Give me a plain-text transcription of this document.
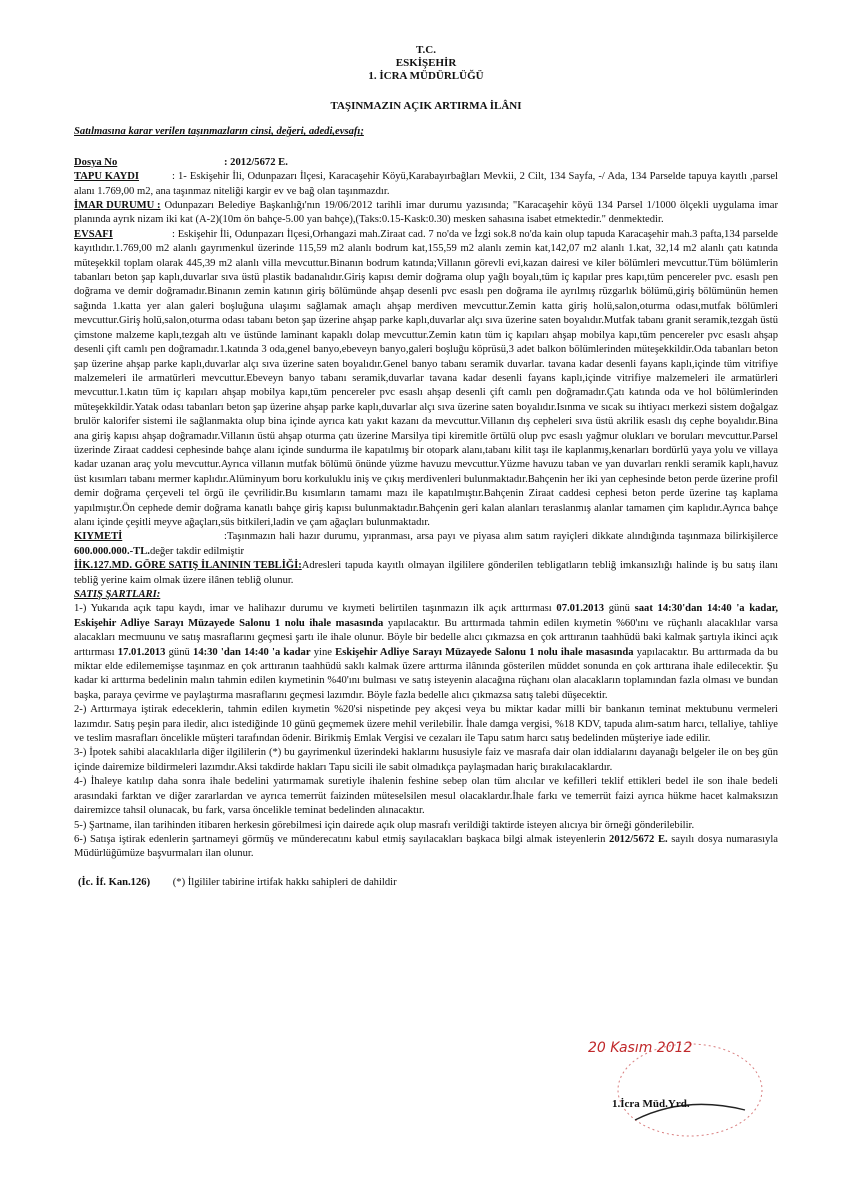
T.C.
ESKİŞEHİR
1. İCRA MÜDÜRLÜĞÜ
TAŞINMAZIN AÇIK ARTIRMA İLÂNI
Satılmasına karar verilen taşınmazların cinsi, değeri, adedi,evsafı;

Dosya No	: 2012/5672 E.

TAPU KAYDI	: 1- Eskişehir İli, Odunpazarı İlçesi, Karacaşehir Köyü,Karabayırbağları Mevkii, 2 Cilt, 134 Sayfa, -/ Ada, 134 Parselde tapuya kayıtlı ,parsel alanı 1.769,00 m2, ana taşınmaz niteliği kargir ev ve bağ olan taşınmazdır.

İMAR DURUMU : Odunpazarı Belediye Başkanlığı'nın 19/06/2012 tarihli imar durumu yazısında; "Karacaşehir köyü 134 Parsel 1/1000 ölçekli uygulama imar planında ayrık nizam iki kat (A-2)(10m ön bahçe-5.00 yan bahçe),(Taks:0.15-Kask:0.30) mesken sahasına isabet etmektedir." denmektedir.

EVSAFI	: Eskişehir İli, Odunpazarı İlçesi,Orhangazi mah.Ziraat cad. 7 no'da ve İzgi sok.8 no'da kain olup tapuda Karacaşehir mah.3 pafta,134 parselde kayıtlıdır.1.769,00 m2 alanlı gayrımenkul üzerinde 115,59 m2 alanlı bodrum kat,155,59 m2 alanlı zemin kat,142,07 m2 alanlı 1.kat, 32,14 m2 alanlı çatı katında müteşekkil toplam olarak 445,39 m2 alanlı villa mevcuttur.Binanın bodrum katında;Villanın görevli evi,kazan dairesi ve kiler bölümleri mevcuttur.Tüm bölümlerin tabanları beton şap kaplı,duvarlar sıva üstü plastik badanalıdır.Giriş kapısı demir doğrama olup yağlı boyalı,tüm iç kapılar pres kapı,tüm pencereler pvc. esaslı pen doğrama ve demir doğramadır.Binanın zemin katının giriş bölümünde ahşap desenli pvc esaslı pen doğrama ile ayrılmış rüzgarlık bölümü,giriş bölümünün hemen sağında 1.katta yer alan galeri boşluğuna ulaşımı sağlamak amaçlı ahşap merdiven mevcuttur.Zemin katta giriş holü,salon,oturma odası,mutfak bölümleri mevcuttur.Giriş holü,salon,oturma odası tabanı beton şap üzerine ahşap parke kaplı,duvarlar alçı sıva üzerine saten boyalıdır.Mutfak tabanı granit seramik,tezgah üstü çimstone malzeme kaplı,tezgah altı ve üstünde laminant kapaklı dolap mevcuttur.Zemin katın tüm iç kapıları ahşap mobilya kapı,tüm pencereler pvc esaslı ahşap desenli çift camlı pen doğramadır.1.katında 3 oda,genel banyo,ebeveyn banyo,galeri boşluğu köprüsü,3 adet balkon bölümlerinden müteşekkildir.Oda tabanları beton şap üzerine ahşap parke kaplı,duvarlar alçı sıva üzerine saten boyalıdır.Genel banyo tabanı seramik duvarlar. tavana kadar desenli fayans kaplı,içinde tüm vitrifiye malzemeleri ile armatürleri mevcuttur.Ebeveyn banyo tabanı seramik,duvarlar tavana kadar desenli fayans kaplı,içinde vitrifiye malzemeleri ile armatürleri mevcuttur.1.katın tüm iç kapıları ahşap mobilya kapı,tüm pencereler pvc esaslı ahşap desenli çift camlı pen doğramadır.Çatı katında oda ve hol bölümlerinden müteşekkildir.Yatak odası tabanları beton şap üzerine ahşap parke kaplı,duvarlar alçı sıva üzerine saten boyalıdır.Isınma ve sıcak su ihtiyacı merkezi sistem doğalgaz brulör kalorifer sistemi ile sağlanmakta olup bina içinde ayrıca katı yakıt kazanı da mevcuttur.Villanın dış cepheleri sıva üstü akrilik esaslı dış cephe boyalıdır.Bina ana giriş kapısı ahşap doğramadır.Villanın üstü ahşap oturma çatı üzerine Marsilya tipi kiremitle örtülü olup pvc esaslı yağmur olukları ve boruları mevcuttur.Parsel üzerinde Ziraat caddesi cephesinde bahçe alanı içinde sundurma ile kapatılmış bir otopark alanı,tabanı kilit taşı ile kaplanmış,kenarları bordürlü yaya yolu ve villaya kadar uzanan araç yolu mevcuttur.Ayrıca villanın mutfak bölümü önünde yüzme havuzu mevcuttur.Yüzme havuzu taban ve yan duvarları renkli seramik kaplı,havuz üst kısımları tabanı mermer kaplıdır.Alüminyum boru korkuluklu iniş ve çıkış merdivenleri bulunmaktadır.Bahçenin her iki yan cephesinde beton perde üzerine profil demir doğrama çerçeveli tel örgü ile çevrilidir.Bu kısımların tamamı mazı ile kapatılmıştır.Bahçenin Ziraat caddesi cephesi beton perde üzerine taş kaplama yapılmıştır.Ön cephede demir doğrama kanatlı bahçe giriş kapısı bulunmaktadır.Bahçenin geri kalan alanları teraslanmış alanlar tamamen çim kaplıdır.Ayrıca bahçe alanı içinde çeşitli meyve ağaçları,süs bitkileri,ladin ve çam ağaçları bulunmaktadır.

KIYMETİ	:Taşınmazın hali hazır durumu, yıpranması, arsa payı ve piyasa alım satım rayiçleri dikkate alındığında taşınmaza bilirkişilerce 600.000.000.-TL.değer takdir edilmiştir

İİK.127.MD. GÖRE SATIŞ İLANININ TEBLİĞİ:Adresleri tapuda kayıtlı olmayan ilgililere gönderilen tebligatların tebliğ imkansızlığı halinde iş bu satış ilanı tebliğ yerine kaim olmak üzere ilânen tebliğ olunur.

SATIŞ ŞARTLARI:

1-) Yukarıda açık tapu kaydı, imar ve halihazır durumu ve kıymeti belirtilen taşınmazın ilk açık arttırması 07.01.2013 günü saat 14:30'dan 14:40 'a kadar, Eskişehir Adliye Sarayı Müzayede Salonu 1 nolu ihale masasında yapılacaktır. Bu arttırmada tahmin edilen kıymetin %60'ını ve rüçhanlı alacaklılar varsa alacakları mecmuunu ve satış masraflarını geçmesi şartı ile ihale olunur. Böyle bir bedelle alıcı çıkmazsa en çok arttıranın taahhüdü baki kalmak şartıyla ikinci açık arttırması 17.01.2013 günü 14:30 'dan 14:40 'a kadar yine Eskişehir Adliye Sarayı Müzayede Salonu 1 nolu ihale masasında yapılacaktır. Bu arttırmada da bu miktar elde edilememişse taşınmaz en çok arttıranın taahhüdü saklı kalmak üzere arttırma ilânında gösterilen müddet sonunda en çok arttırana ihale edilecektir. Şu kadar ki arttırma bedelinin malın tahmin edilen kıymetinin %40'ını bulması ve satış isteyenin alacağına rüçhanı olan alacakların toplamından fazla olması ve bundan başka, paraya çevirme ve paylaştırma masraflarını geçmesi lazımdır. Böyle fazla bedelle alıcı çıkmazsa satış talebi düşecektir.

2-) Arttırmaya iştirak edeceklerin, tahmin edilen kıymetin %20'si nispetinde pey akçesi veya bu miktar kadar milli bir bankanın teminat mektubunu vermeleri lazımdır. Satış peşin para iledir, alıcı istediğinde 10 günü geçmemek üzere mehil verilebilir. İhale damga vergisi, %18 KDV, tapuda alım-satım harcı, tellaliye, tahliye ve teslim masrafları öncelikle müşteri tarafından ödenir. Birikmiş Emlak Vergisi ve cezaları ile Tapu satım harcı satış bedelinden müşteriye iade edilir.

3-) İpotek sahibi alacaklılarla diğer ilgililerin (*) bu gayrimenkul üzerindeki haklarını hususiyle faiz ve masrafa dair olan iddialarını dayanağı belgeler ile on beş gün içinde dairemize bildirmeleri lazımdır.Aksi takdirde hakları Tapu sicili ile sabit olmadıkça paylaşmadan hariç bırakılacaklardır.

4-) İhaleye katılıp daha sonra ihale bedelini yatırmamak suretiyle ihalenin feshine sebep olan tüm alıcılar ve kefilleri teklif ettikleri bedel ile son ihale bedeli arasındaki farktan ve diğer zararlardan ve ayrıca temerrüt faizinden müteselsilen mesul olacaklardır.İhale farkı ve temerrüt faizi ayrıca hükme hacet kalmaksızın dairemizce tahsil olunacak, bu fark, varsa öncelikle teminat bedelinden alınacaktır.

5-) Şartname, ilan tarihinden itibaren herkesin görebilmesi için dairede açık olup masrafı verildiği taktirde isteyen alıcıya bir örneği gönderilebilir.

6-) Satışa iştirak edenlerin şartnameyi görmüş ve münderecatını kabul etmiş sayılacakları başkaca bilgi almak isteyenlerin 2012/5672 E. sayılı dosya numarasıyla Müdürlüğümüze başvurmaları ilan olunur.

(İc. İf. Kan.126) (*) İlgililer tabirine irtifak hakkı sahipleri de dahildir
20 Kasım 2012
1.İcra Müd.Yrd.
